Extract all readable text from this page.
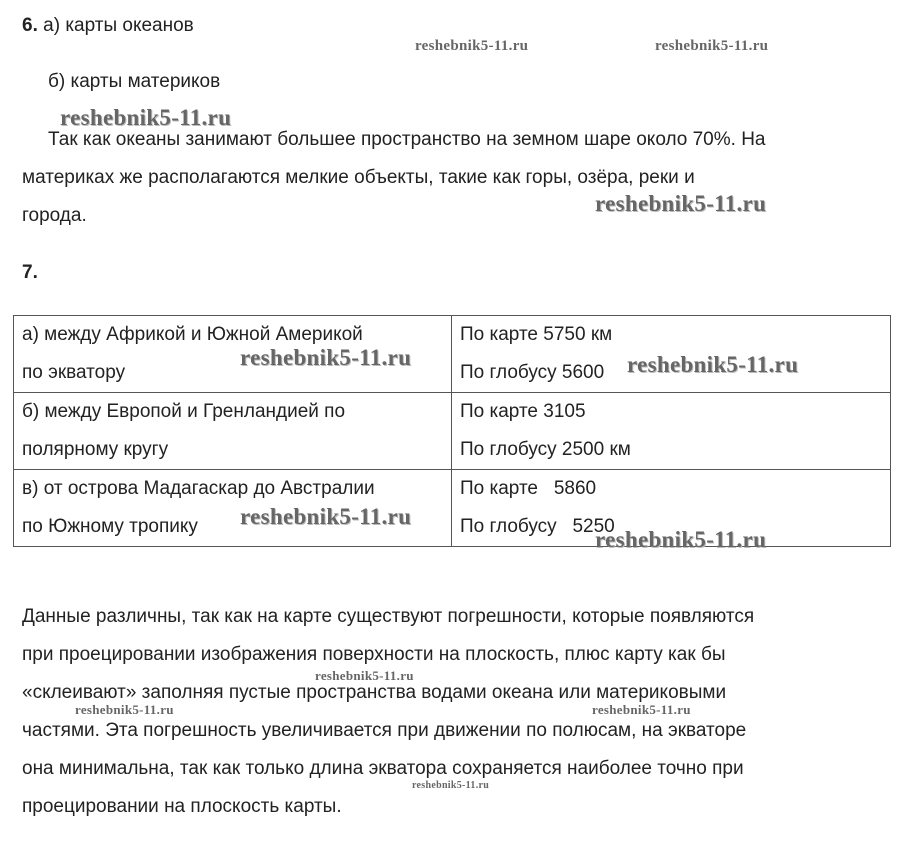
6. а) карты океанов
б) карты материков
Так как океаны занимают большее пространство на земном шаре около 70%. На
материках же располагаются мелкие объекты, такие как горы, озёра, реки и
города.
7.
а) между Африкой и Южной Америкой
по экватору	По карте 5750 км
По глобусу 5600

б) между Европой и Гренландией по
полярному кругу	По карте 3105
По глобусу 2500 км

в) от острова Мадагаскар до Австралии
по Южному тропику	По карте   5860
По глобусу   5250
Данные различны, так как на карте существуют погрешности, которые появляются
при проецировании изображения поверхности на плоскость, плюс карту как бы
«склеивают» заполняя пустые пространства водами океана или материковыми
частями. Эта погрешность увеличивается при движении по полюсам, на экваторе
она минимальна, так как только длина экватора сохраняется наиболее точно при
проецировании на плоскость карты.
reshebnik5-11.ru	reshebnik5-11.ru
reshebnik5-11.ru
reshebnik5-11.ru
reshebnik5-11.ru	reshebnik5-11.ru
reshebnik5-11.ru
reshebnik5-11.ru
reshebnik5-11.ru
reshebnik5-11.ru	reshebnik5-11.ru
reshebnik5-11.ru
